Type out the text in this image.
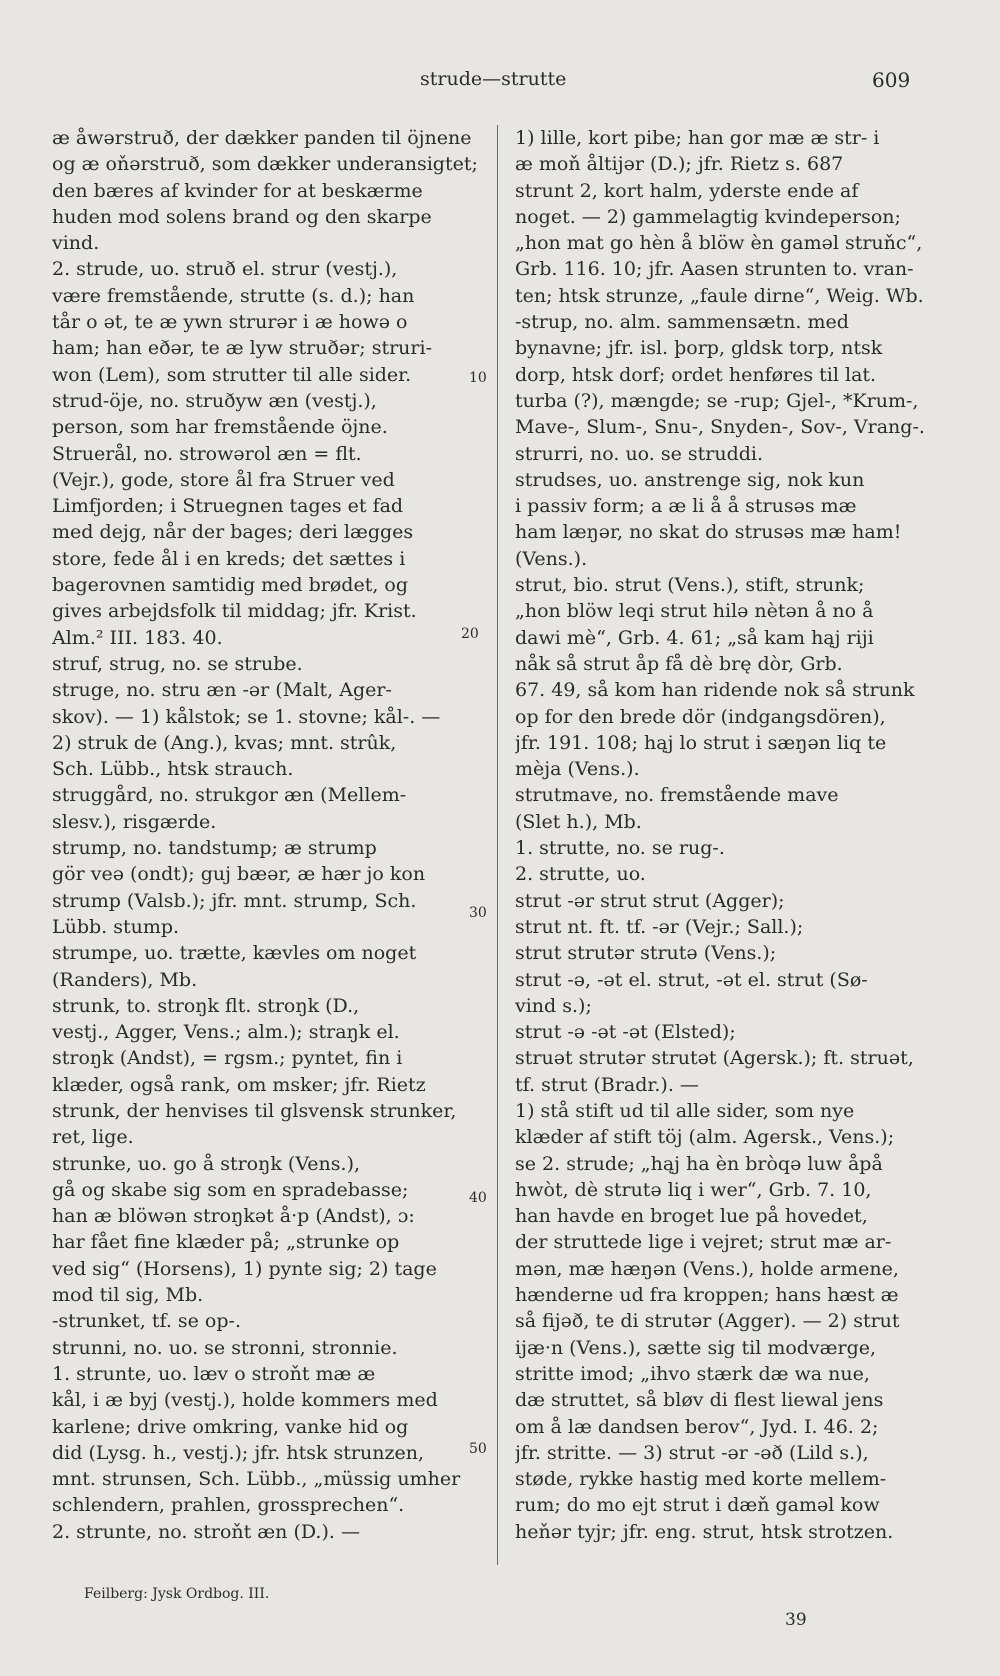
strude—strutte	609
æ åwərstruð, der dækker panden til öjnene
og æ oňərstruð, som dækker underansigtet;
den bæres af kvinder for at beskærme
huden mod solens brand og den skarpe
vind.
2. strude, uo. struð el. strur (vestj.),
være fremstående, strutte (s. d.); han
tår o ət, te æ ywn strurər i æ howə o
ham; han eðər, te æ lyw struðər; struri-
won (Lem), som strutter til alle sider.
strud-öje, no. struðyw æn (vestj.),
person, som har fremstående öjne.
Struerål, no. strowərol æn = flt.
(Vejr.), gode, store ål fra Struer ved
Limfjorden; i Struegnen tages et fad
med dejg, når der bages; deri lægges
store, fede ål i en kreds; det sættes i
bagerovnen samtidig med brødet, og
gives arbejdsfolk til middag; jfr. Krist.
Alm.² III. 183. 40.
struf, strug, no. se strube.
struge, no. stru æn -ər (Malt, Ager-
skov). — 1) kålstok; se 1. stovne; kål-. —
2) struk de (Ang.), kvas; mnt. strûk,
Sch. Lübb., htsk strauch.
struggård, no. strukgor æn (Mellem-
slesv.), risgærde.
strump, no. tandstump; æ strump
gör veə (ondt); guj bæər, æ hær jo kon
strump (Valsb.); jfr. mnt. strump, Sch.
Lübb. stump.
strumpe, uo. trætte, kævles om noget
(Randers), Mb.
strunk, to. stroŋk flt. stroŋk (D.,
vestj., Agger, Vens.; alm.); straŋk el.
stroŋk (Andst), = rgsm.; pyntet, fin i
klæder, også rank, om msker; jfr. Rietz
strunk, der henvises til glsvensk strunker,
ret, lige.
strunke, uo. go å stroŋk (Vens.),
gå og skabe sig som en spradebasse;
han æ blöwən stroŋkət å·p (Andst), ɔ:
har fået fine klæder på; „strunke op
ved sig“ (Horsens), 1) pynte sig; 2) tage
mod til sig, Mb.
-strunket, tf. se op-.
strunni, no. uo. se stronni, stronnie.
1. strunte, uo. læv o stroňt mæ æ
kål, i æ byj (vestj.), holde kommers med
karlene; drive omkring, vanke hid og
did (Lysg. h., vestj.); jfr. htsk strunzen,
mnt. strunsen, Sch. Lübb., „müssig umher
schlendern, prahlen, grossprechen“.
2. strunte, no. stroňt æn (D.). —
1) lille, kort pibe; han gor mæ æ str- i
æ moň åltijər (D.); jfr. Rietz s. 687
strunt 2, kort halm, yderste ende af
noget. — 2) gammelagtig kvindeperson;
„hon mat go hèn å blöw èn gaməl struňc“,
Grb. 116. 10; jfr. Aasen strunten to. vran-
ten; htsk strunze, „faule dirne“, Weig. Wb.
-strup, no. alm. sammensætn. med
bynavne; jfr. isl. þorp, gldsk torp, ntsk
dorp, htsk dorf; ordet henføres til lat.
turba (?), mængde; se -rup; Gjel-, *Krum-,
Mave-, Slum-, Snu-, Snyden-, Sov-, Vrang-.
strurri, no. uo. se struddi.
strudses, uo. anstrenge sig, nok kun
i passiv form; a æ li å å strusəs mæ
ham læŋər, no skat do strusəs mæ ham!
(Vens.).
strut, bio. strut (Vens.), stift, strunk;
„hon blöw leqi strut hilə nètən å no å
dawi mè“, Grb. 4. 61; „så kam hąj riji
nåk så strut åp få dè brę dòr, Grb.
67. 49, så kom han ridende nok så strunk
op for den brede dör (indgangsdören),
jfr. 191. 108; hąj lo strut i sæŋən liq te
mèja (Vens.).
strutmave, no. fremstående mave
(Slet h.), Mb.
1. strutte, no. se rug-.
2. strutte, uo.
strut -ər strut strut (Agger);
strut nt. ft. tf. -ər (Vejr.; Sall.);
strut strutər strutə (Vens.);
strut -ə, -ət el. strut, -ət el. strut (Sø-
vind s.);
strut -ə -ət -ət (Elsted);
struət strutər strutət (Agersk.); ft. struət,
tf. strut (Bradr.). —
1) stå stift ud til alle sider, som nye
klæder af stift töj (alm. Agersk., Vens.);
se 2. strude; „hąj ha èn bròqə luw åpå
hwòt, dè strutə liq i wer“, Grb. 7. 10,
han havde en broget lue på hovedet,
der struttede lige i vejret; strut mæ ar-
mən, mæ hæŋən (Vens.), holde armene,
hænderne ud fra kroppen; hans hæst æ
så fijəð, te di strutər (Agger). — 2) strut
ijæ·n (Vens.), sætte sig til modværge,
stritte imod; „ihvo stærk dæ wa nue,
dæ struttet, så bløv di flest liewal jens
om å læ dandsen berov“, Jyd. I. 46. 2;
jfr. stritte. — 3) strut -ər -əð (Lild s.),
støde, rykke hastig med korte mellem-
rum; do mo ejt strut i dæň gaməl kow
heňər tyjr; jfr. eng. strut, htsk strotzen.
10
20
30
40
50
Feilberg: Jysk Ordbog. III.
39
